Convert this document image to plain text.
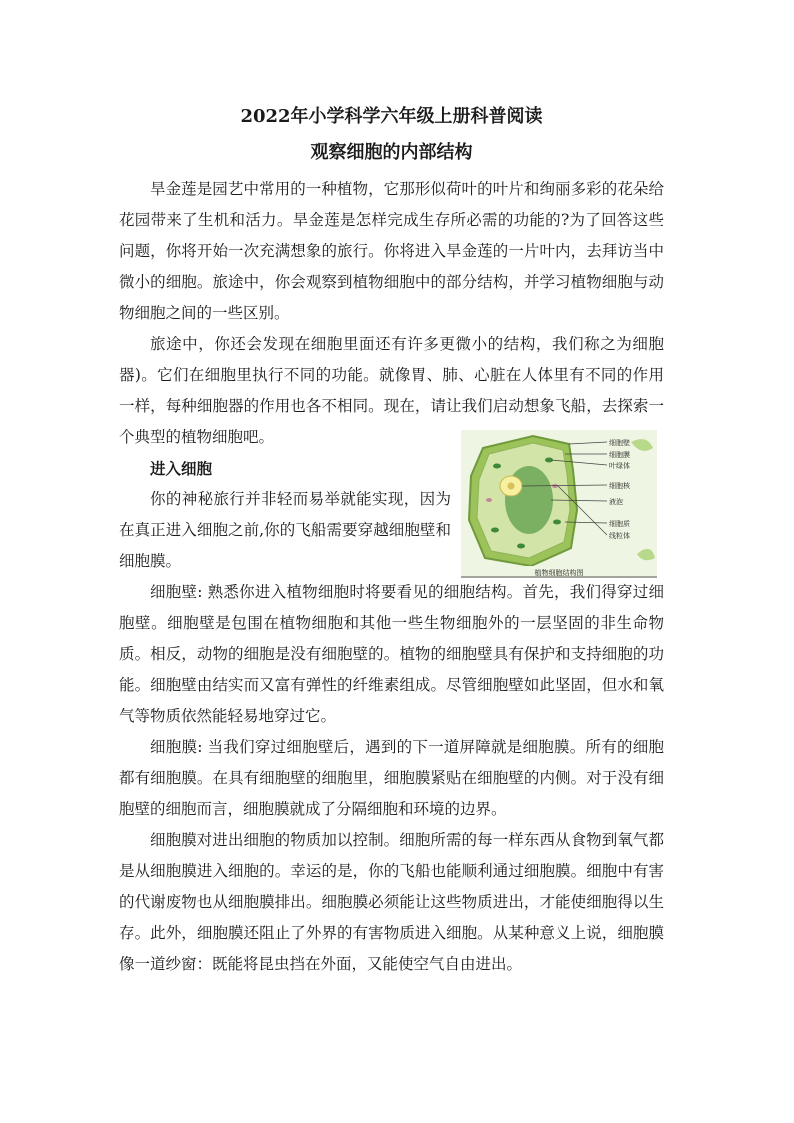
2022年小学科学六年级上册科普阅读
观察细胞的内部结构

旱金莲是园艺中常用的一种植物，它那形似荷叶的叶片和绚丽多彩的花朵给花园带来了生机和活力。旱金莲是怎样完成生存所必需的功能的?为了回答这些问题，你将开始一次充满想象的旅行。你将进入旱金莲的一片叶内，去拜访当中微小的细胞。旅途中，你会观察到植物细胞中的部分结构，并学习植物细胞与动物细胞之间的一些区别。

旅途中，你还会发现在细胞里面还有许多更微小的结构，我们称之为细胞器)。它们在细胞里执行不同的功能。就像胃、肺、心脏在人体里有不同的作用一样，每种细胞器的作用也各不相同。现在，请让我们启动想象飞船，去探索一个典型的植物细胞吧。

进入细胞

你的神秘旅行并非轻而易举就能实现，因为在真正进入细胞之前,你的飞船需要穿越细胞壁和细胞膜。

细胞壁: 熟悉你进入植物细胞时将要看见的细胞结构。首先，我们得穿过细胞壁。细胞壁是包围在植物细胞和其他一些生物细胞外的一层坚固的非生命物质。相反，动物的细胞是没有细胞壁的。植物的细胞壁具有保护和支持细胞的功能。细胞壁由结实而又富有弹性的纤维素组成。尽管细胞壁如此坚固，但水和氧气等物质依然能轻易地穿过它。

细胞膜: 当我们穿过细胞壁后，遇到的下一道屏障就是细胞膜。所有的细胞都有细胞膜。在具有细胞壁的细胞里，细胞膜紧贴在细胞壁的内侧。对于没有细胞壁的细胞而言，细胞膜就成了分隔细胞和环境的边界。

细胞膜对进出细胞的物质加以控制。细胞所需的每一样东西从食物到氧气都是从细胞膜进入细胞的。幸运的是，你的飞船也能顺利通过细胞膜。细胞中有害的代谢废物也从细胞膜排出。细胞膜必须能让这些物质进出，才能使细胞得以生存。此外，细胞膜还阻止了外界的有害物质进入细胞。从某种意义上说，细胞膜像一道纱窗：既能将昆虫挡在外面，又能使空气自由进出。

细胞壁
细胞膜
叶绿体
细胞核
液泡
细胞质
线粒体
植物细胞结构图
